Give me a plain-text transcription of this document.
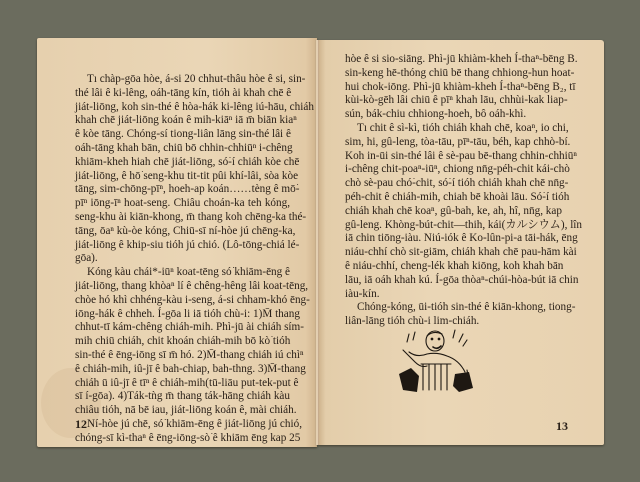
Tı chàp-gōa hòe, á-si 20 chhut-thâu hòe ê si, sin-
thé lâi ê ki-lêng, oáh-tāng kín, tióh ài khah chē ê
jiát-liōng, koh sin-thé ê hòa-hák ki-lêng iú-hāu, chiáh
khah chē jiát-liōng koán ê mih-kiāⁿ iā m̄ biān kiaⁿ
ê kòe tāng. Chóng-sí tiong-liân lāng sin-thé lâi ê
oáh-tāng khah bān, chiū bō chhin-chhiūⁿ i-chêng
khiām-kheh hiah chē jiát-liōng, só͘-í chiáh kòe chē
jiát-liōng, ê hō͘ seng-khu tit-tit pûi khí-lâi, sòa kòe
tāng, sim-chōng-pīⁿ, hoeh-ap koán……tèng ê mō͘-
pīⁿ iōng-īⁿ hoat-seng. Chiâu choán-ka teh kóng,
seng-khu ài kiān-khong, m̄ thang koh chēng-ka thé-
tāng, ōaⁿ kù-òe kóng, Chiū-sī ní-hòe jú chēng-ka,
jiát-liōng ê khip-siu tióh jú chió. (Lô-tōng-chiá lé-
gōa).
Kóng kàu chái*-iūⁿ koat-tēng só͘ khiām-ēng ê
jiát-liōng, thang khòaⁿ lí ê chêng-hêng lâi koat-tēng,
chòe hó khì chhéng-kàu i-seng, á-si chham-khó ēng-
iōng-hák ê chheh. Í-gōa li iā tióh chù-i: 1)M̄ thang
chhut-tī kám-chêng chiáh-mih. Phì-jū ài chiáh sím-
mih chiū chiáh, chit khoán chiáh-mih bō kò͘ tióh
sin-thé ê ēng-iōng sī m̄ hó. 2)M̄-thang chiáh iú chìⁿ
ê chiáh-mih, iû-jī ê bah-chiap, bah-thng. 3)M̄-thang
chiáh ū iû-jī ê tīⁿ ê chiáh-mih(tū-liāu put-tek-put ê
sī í-gōa). 4)Ták-tǹg m̄ thang ták-hāng chiáh kàu
chiâu tióh, nā bē iau, jiát-liōng koán ê, mài chiáh.
Ní-hòe jú chē, só͘ khiām-ēng ê jiát-liōng jú chió,
chóng-sī kì-thaⁿ ê ēng-iōng-sò͘ ê khiām ēng kap 25
12
hòe ê si sio-siāng. Phì-jū khiàm-kheh Í-thaⁿ-bēng B.
sin-keng hē-thóng chiū bē thang chhiong-hun hoat-
hui chok-iōng. Phì-jū khiàm-kheh Í-thaⁿ-bēng B₂, tī
kùi-kò-gēh lâi chiū ê pīⁿ khah lāu, chhùi-kak liap-
sún, bák-chiu chhiong-hoeh, bô oáh-khì.
Tı chit ê sì-kì, tióh chiáh khah chē, koaⁿ, io chi,
sim, hi, gû-leng, tòa-tāu, pīⁿ-tāu, béh, kap chhò-bí.
Koh in-ūi sin-thé lâi ê sè-pau bē-thang chhin-chhiūⁿ
i-chêng chit-poaⁿ-iūⁿ, chiong nn̄g-péh-chit kái-chò
chò sè-pau chó͘-chit, só͘-í tióh chiáh khah chē nn̄g-
péh-chit ê chiáh-mih, chiah bē khoài lāu. Só͘-í tióh
chiáh khah chē koaⁿ, gû-bah, ke, ah, hî, nn̄g, kap
gû-leng. Khòng-bút-chit—thih, kái(カルシウム), lîn
iā chin tiōng-iàu. Niú-iók ê Ko-lûn-pi-a tāi-hák, ēng
niáu-chhí chò sit-giām, chiáh khah chē pau-hām kài
ê niáu-chhí, cheng-lék khah kiōng, koh khah bān
lāu, iā oáh khah kú. Í-gōa thòaⁿ-chúi-hòa-bút iā chin
iàu-kín.
Chóng-kóng, ūi-tióh sin-thé ê kiān-khong, tiong-
liân-lāng tióh chù-i lim-chiáh.
13
